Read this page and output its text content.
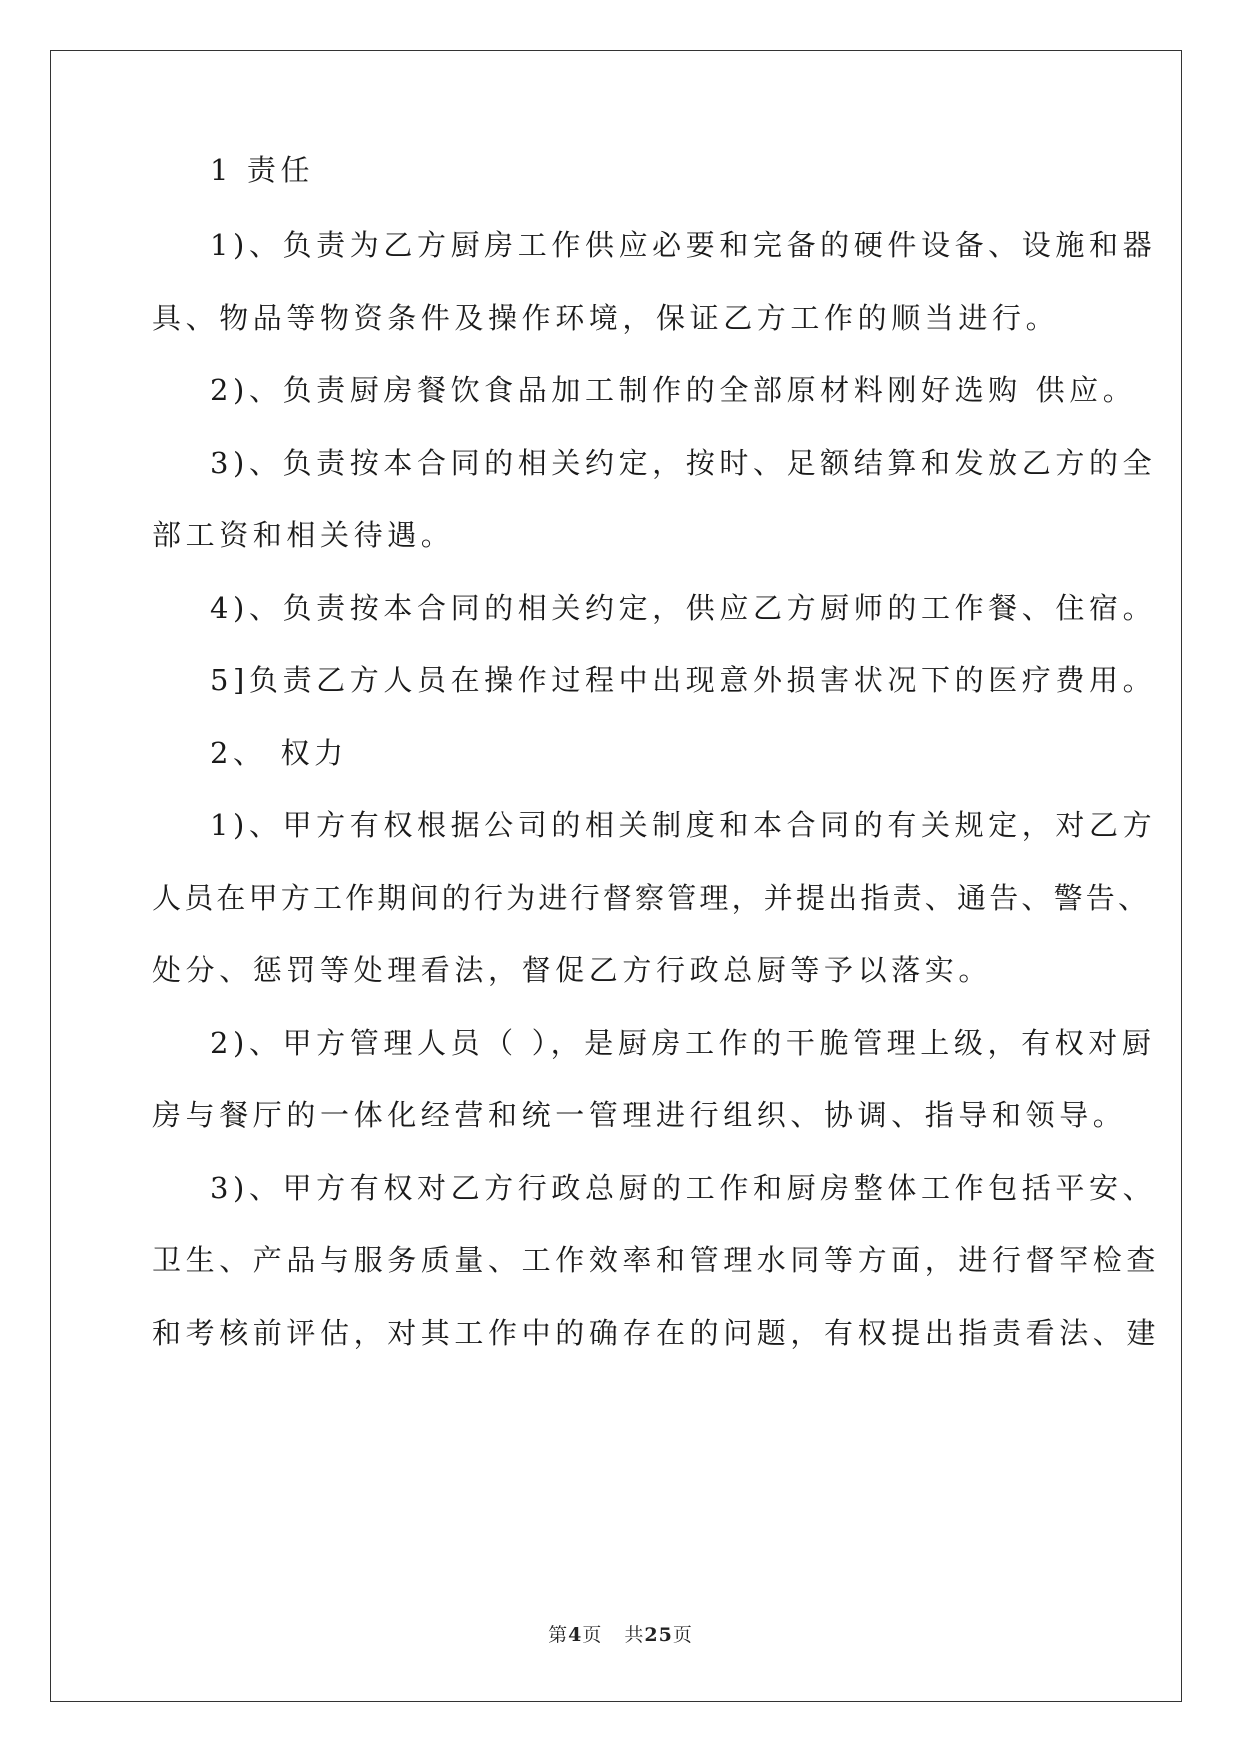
1 责任
1)、负责为乙方厨房工作供应必要和完备的硬件设备、设施和器
具、物品等物资条件及操作环境，保证乙方工作的顺当进行。
2)、负责厨房餐饮食品加工制作的全部原材料刚好选购 供应。
3)、负责按本合同的相关约定，按时、足额结算和发放乙方的全
部工资和相关待遇。
4)、负责按本合同的相关约定，供应乙方厨师的工作餐、住宿。
5]负责乙方人员在操作过程中出现意外损害状况下的医疗费用。
2、 权力
1)、甲方有权根据公司的相关制度和本合同的有关规定，对乙方
人员在甲方工作期间的行为进行督察管理，并提出指责、通告、警告、
处分、惩罚等处理看法，督促乙方行政总厨等予以落实。
2)、甲方管理人员（ ），是厨房工作的干脆管理上级，有权对厨
房与餐厅的一体化经营和统一管理进行组织、协调、指导和领导。
3)、甲方有权对乙方行政总厨的工作和厨房整体工作包括平安、
卫生、产品与服务质量、工作效率和管理水同等方面，进行督罕检查
和考核前评估，对其工作中的确存在的问题，有权提出指责看法、建
第4页 共25页
